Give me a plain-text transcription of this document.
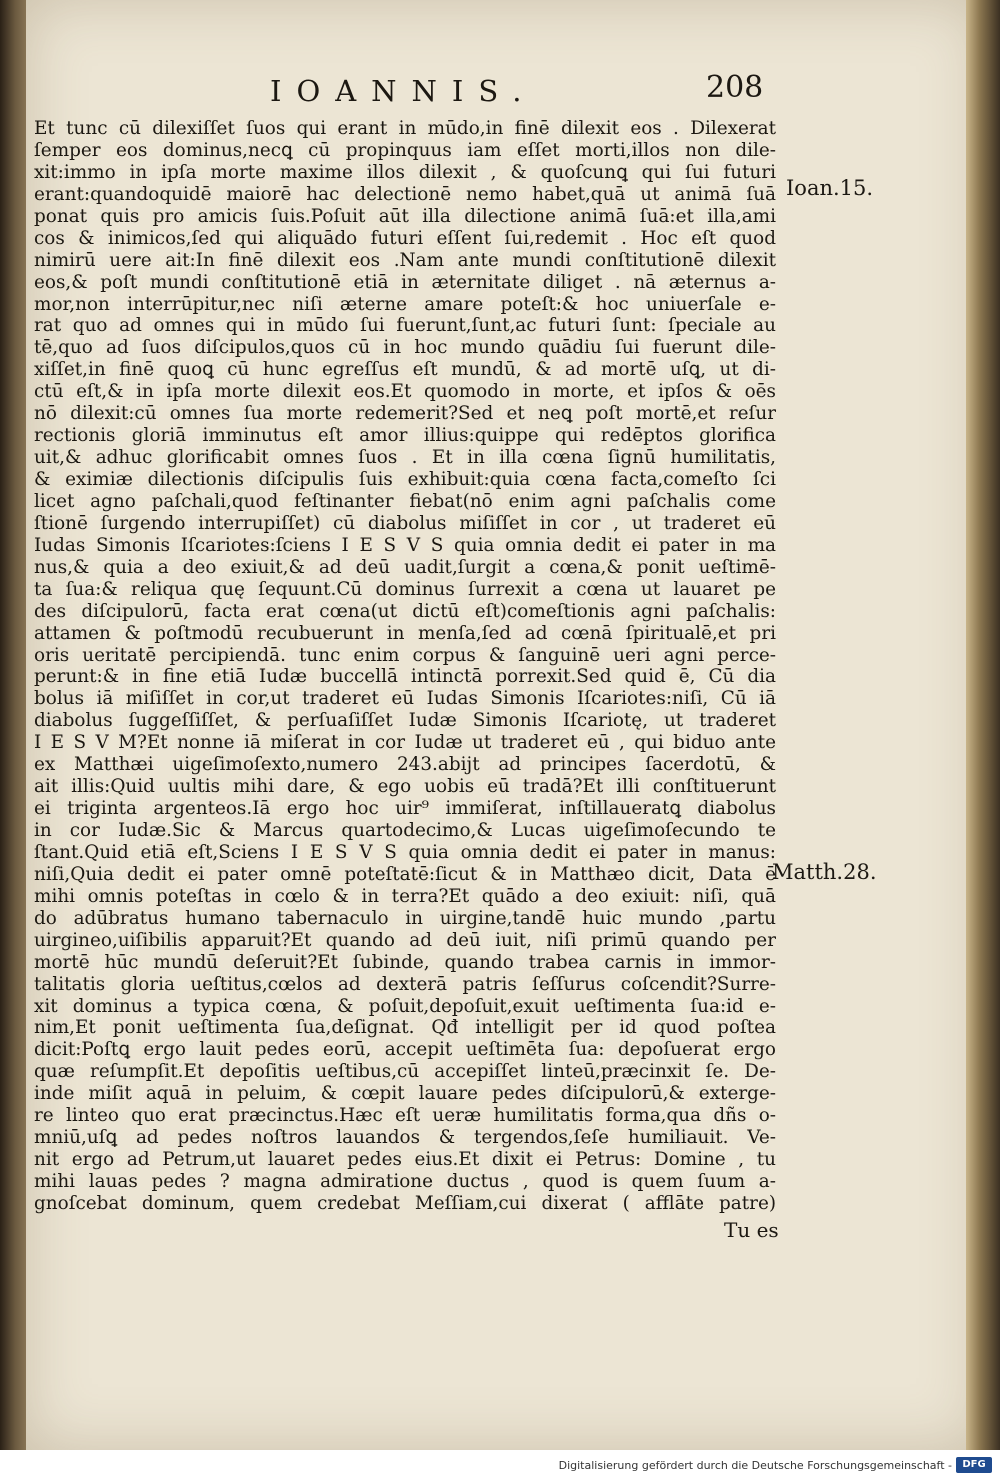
IOANNIS.	208
Et tunc cū dilexiſſet ſuos qui erant in mūdo,in finē dilexit eos . Dilexerat
ſemper eos dominus,necꝗ cū propinquus iam eſſet morti,illos non dile-
xit:immo in ipſa morte maxime illos dilexit , & quoſcunꝗ qui ſui futuri
erant:quandoquidē maiorē hac delectionē nemo habet,quā ut animā ſuā
ponat quis pro amicis ſuis.Poſuit aūt illa dilectione animā ſuā:et illa,ami
cos & inimicos,ſed qui aliquādo futuri eſſent ſui,redemit . Hoc eſt quod
nimirū uere ait:In finē dilexit eos .Nam ante mundi conſtitutionē dilexit
eos,& poſt mundi conſtitutionē etiā in æternitate diliget . nā æternus a-
mor,non interrūpitur,nec niſi æterne amare poteſt:& hoc uniuerſale e-
rat quo ad omnes qui in mūdo ſui fuerunt,ſunt,ac futuri ſunt: ſpeciale au
tē,quo ad ſuos diſcipulos,quos cū in hoc mundo quādiu ſui fuerunt dile-
xiſſet,in finē quoꝗ cū hunc egreſſus eſt mundū, & ad mortē uſꝗ, ut di-
ctū eſt,& in ipſa morte dilexit eos.Et quomodo in morte, et ipſos & oēs
nō dilexit:cū omnes ſua morte redemerit?Sed et neꝗ poſt mortē,et reſur
rectionis gloriā imminutus eſt amor illius:quippe qui redēptos glorifica
uit,& adhuc glorificabit omnes ſuos . Et in illa cœna ſignū humilitatis,
& eximiæ dilectionis diſcipulis ſuis exhibuit:quia cœna facta,comeſto ſci
licet agno paſchali,quod feſtinanter fiebat(nō enim agni paſchalis come
ſtionē ſurgendo interrupiſſet) cū diabolus miſiſſet in cor , ut traderet eū
Iudas Simonis Iſcariotes:ſciens I E S V S quia omnia dedit ei pater in ma
nus,& quia a deo exiuit,& ad deū uadit,ſurgit a cœna,& ponit ueſtimē-
ta ſua:& reliqua quę ſequunt.Cū dominus ſurrexit a cœna ut lauaret pe
des diſcipulorū, facta erat cœna(ut dictū eſt)comeſtionis agni paſchalis:
attamen & poſtmodū recubuerunt in menſa,ſed ad cœnā ſpiritualē,et pri
oris ueritatē percipiendā. tunc enim corpus & ſanguinē ueri agni perce-
perunt:& in fine etiā Iudæ buccellā intinctā porrexit.Sed quid ē, Cū dia
bolus iā miſiſſet in cor,ut traderet eū Iudas Simonis Iſcariotes:niſi, Cū iā
diabolus ſuggeſſiſſet, & perſuaſiſſet Iudæ Simonis Iſcariotę, ut traderet
I E S V M?Et nonne iā miſerat in cor Iudæ ut traderet eū , qui biduo ante
ex Matthæi uigeſimoſexto,numero 243.abijt ad principes ſacerdotū, &
ait illis:Quid uultis mihi dare, & ego uobis eū tradā?Et illi conſtituerunt
ei triginta argenteos.Iā ergo hoc uir⁹ immiſerat, inſtillaueratꝗ diabolus
in cor Iudæ.Sic & Marcus quartodecimo,& Lucas uigeſimoſecundo te
ſtant.Quid etiā eſt,Sciens I E S V S quia omnia dedit ei pater in manus:
niſi,Quia dedit ei pater omnē poteſtatē:ſicut & in Matthæo dicit, Data ē
mihi omnis poteſtas in cœlo & in terra?Et quādo a deo exiuit: niſi, quā
do adūbratus humano tabernaculo in uirgine,tandē huic mundo ,partu
uirgineo,uiſibilis apparuit?Et quando ad deū iuit, niſi primū quando per
mortē hūc mundū deſeruit?Et ſubinde, quando trabea carnis in immor-
talitatis gloria ueſtitus,cœlos ad dexterā patris ſeſſurus coſcendit?Surre-
xit dominus a typica cœna, & poſuit,depoſuit,exuit ueſtimenta ſua:id e-
nim,Et ponit ueſtimenta ſua,deſignat. Qđ intelligit per id quod poſtea
dicit:Poſtꝗ ergo lauit pedes eorū, accepit ueſtimēta ſua: depoſuerat ergo
quæ reſumpſit.Et depoſitis ueſtibus,cū accepiſſet linteū,præcinxit ſe. De-
inde miſit aquā in peluim, & cœpit lauare pedes diſcipulorū,& exterge-
re linteo quo erat præcinctus.Hæc eſt ueræ humilitatis forma,qua dñs o-
mniū,uſꝗ ad pedes noſtros lauandos & tergendos,ſeſe humiliauit. Ve-
nit ergo ad Petrum,ut lauaret pedes eius.Et dixit ei Petrus: Domine , tu
mihi lauas pedes ? magna admiratione ductus , quod is quem ſuum a-
gnoſcebat dominum, quem credebat Meſſiam,cui dixerat ( afflāte patre)
Tu es
Ioan.15.
Matth.28.
Digitalisierung gefördert durch die Deutsche Forschungsgemeinschaft -	DFG
